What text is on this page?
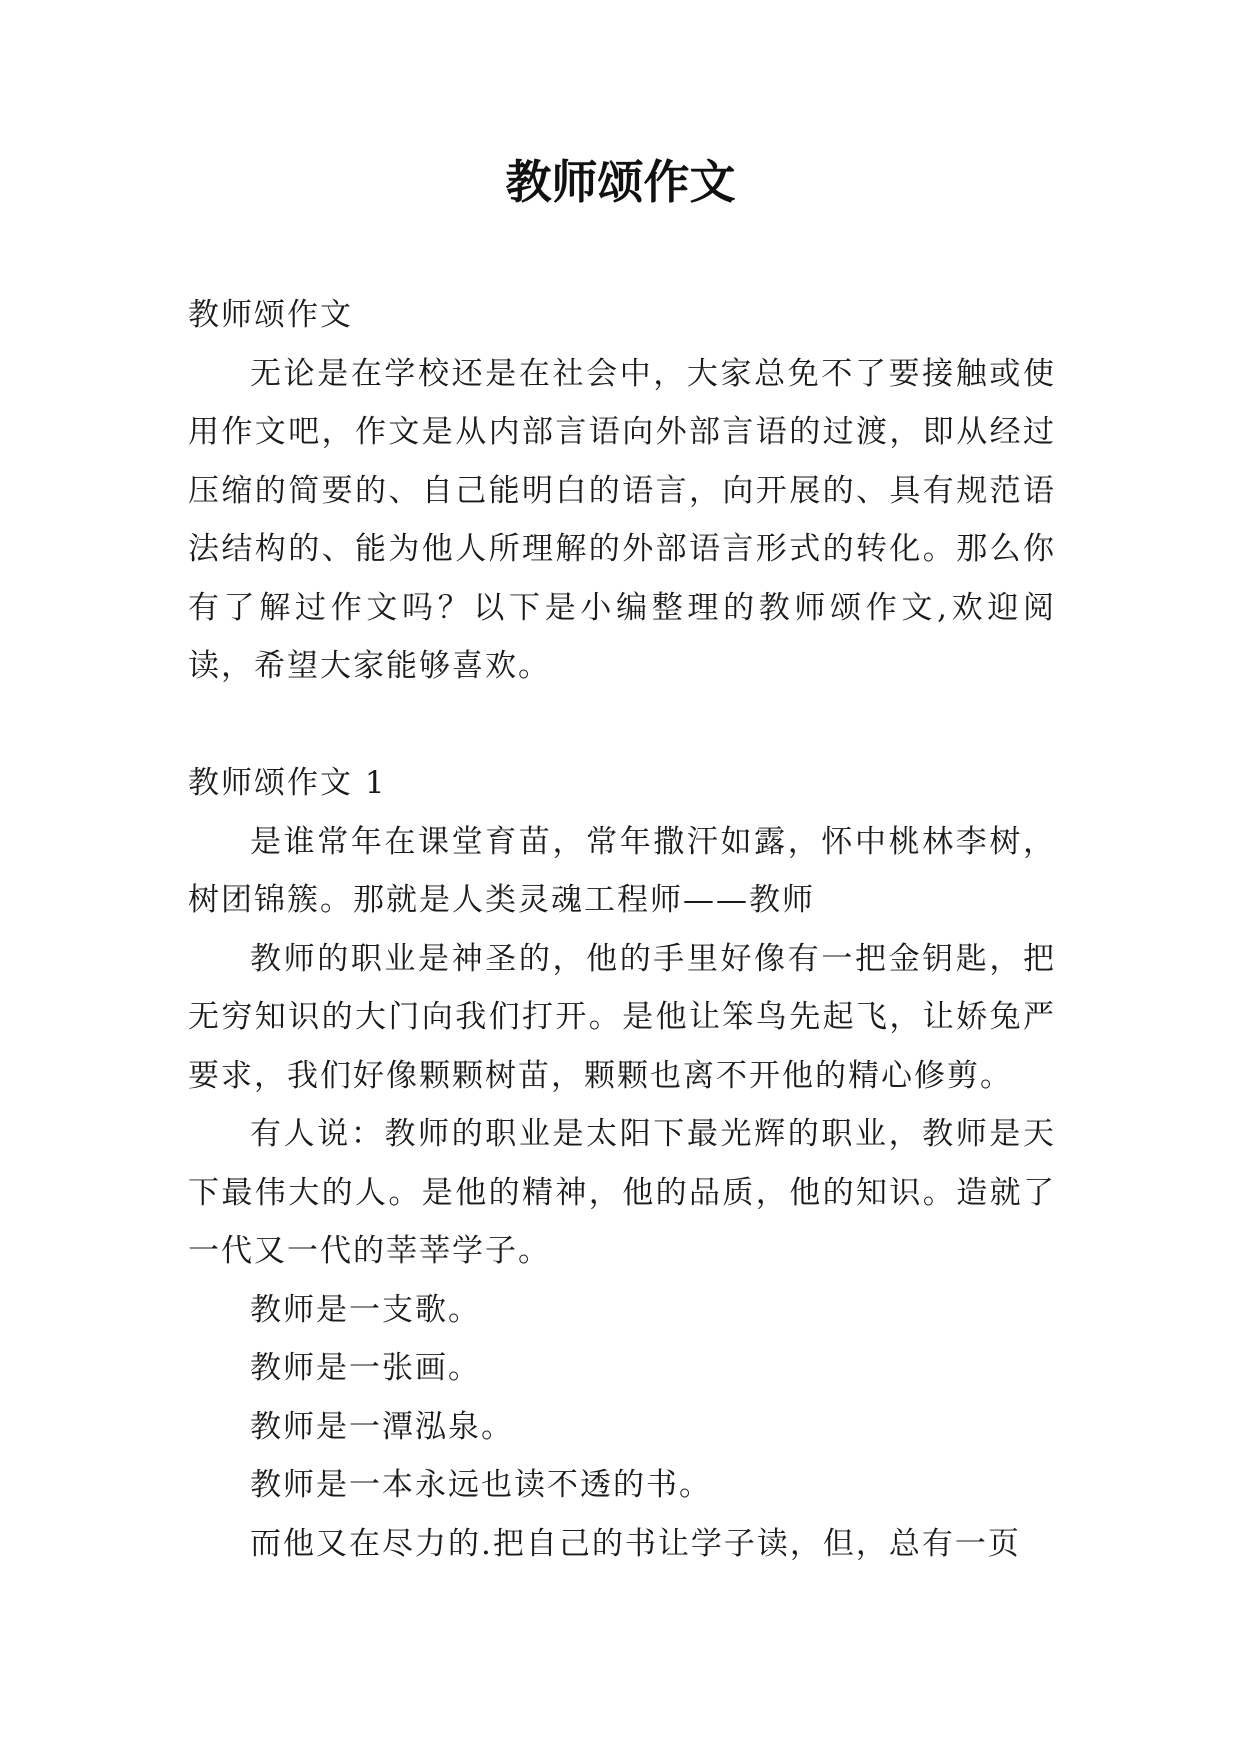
教师颂作文

教师颂作文

无论是在学校还是在社会中，大家总免不了要接触或使用作文吧，作文是从内部言语向外部言语的过渡，即从经过压缩的简要的、自己能明白的语言，向开展的、具有规范语法结构的、能为他人所理解的外部语言形式的转化。那么你有了解过作文吗？以下是小编整理的教师颂作文,欢迎阅读，希望大家能够喜欢。

教师颂作文 1

是谁常年在课堂育苗，常年撒汗如露，怀中桃林李树，树团锦簇。那就是人类灵魂工程师——教师

教师的职业是神圣的，他的手里好像有一把金钥匙，把无穷知识的大门向我们打开。是他让笨鸟先起飞，让娇兔严要求，我们好像颗颗树苗，颗颗也离不开他的精心修剪。

有人说：教师的职业是太阳下最光辉的职业，教师是天下最伟大的人。是他的精神，他的品质，他的知识。造就了一代又一代的莘莘学子。

教师是一支歌。

教师是一张画。

教师是一潭泓泉。

教师是一本永远也读不透的书。

而他又在尽力的.把自己的书让学子读，但，总有一页
